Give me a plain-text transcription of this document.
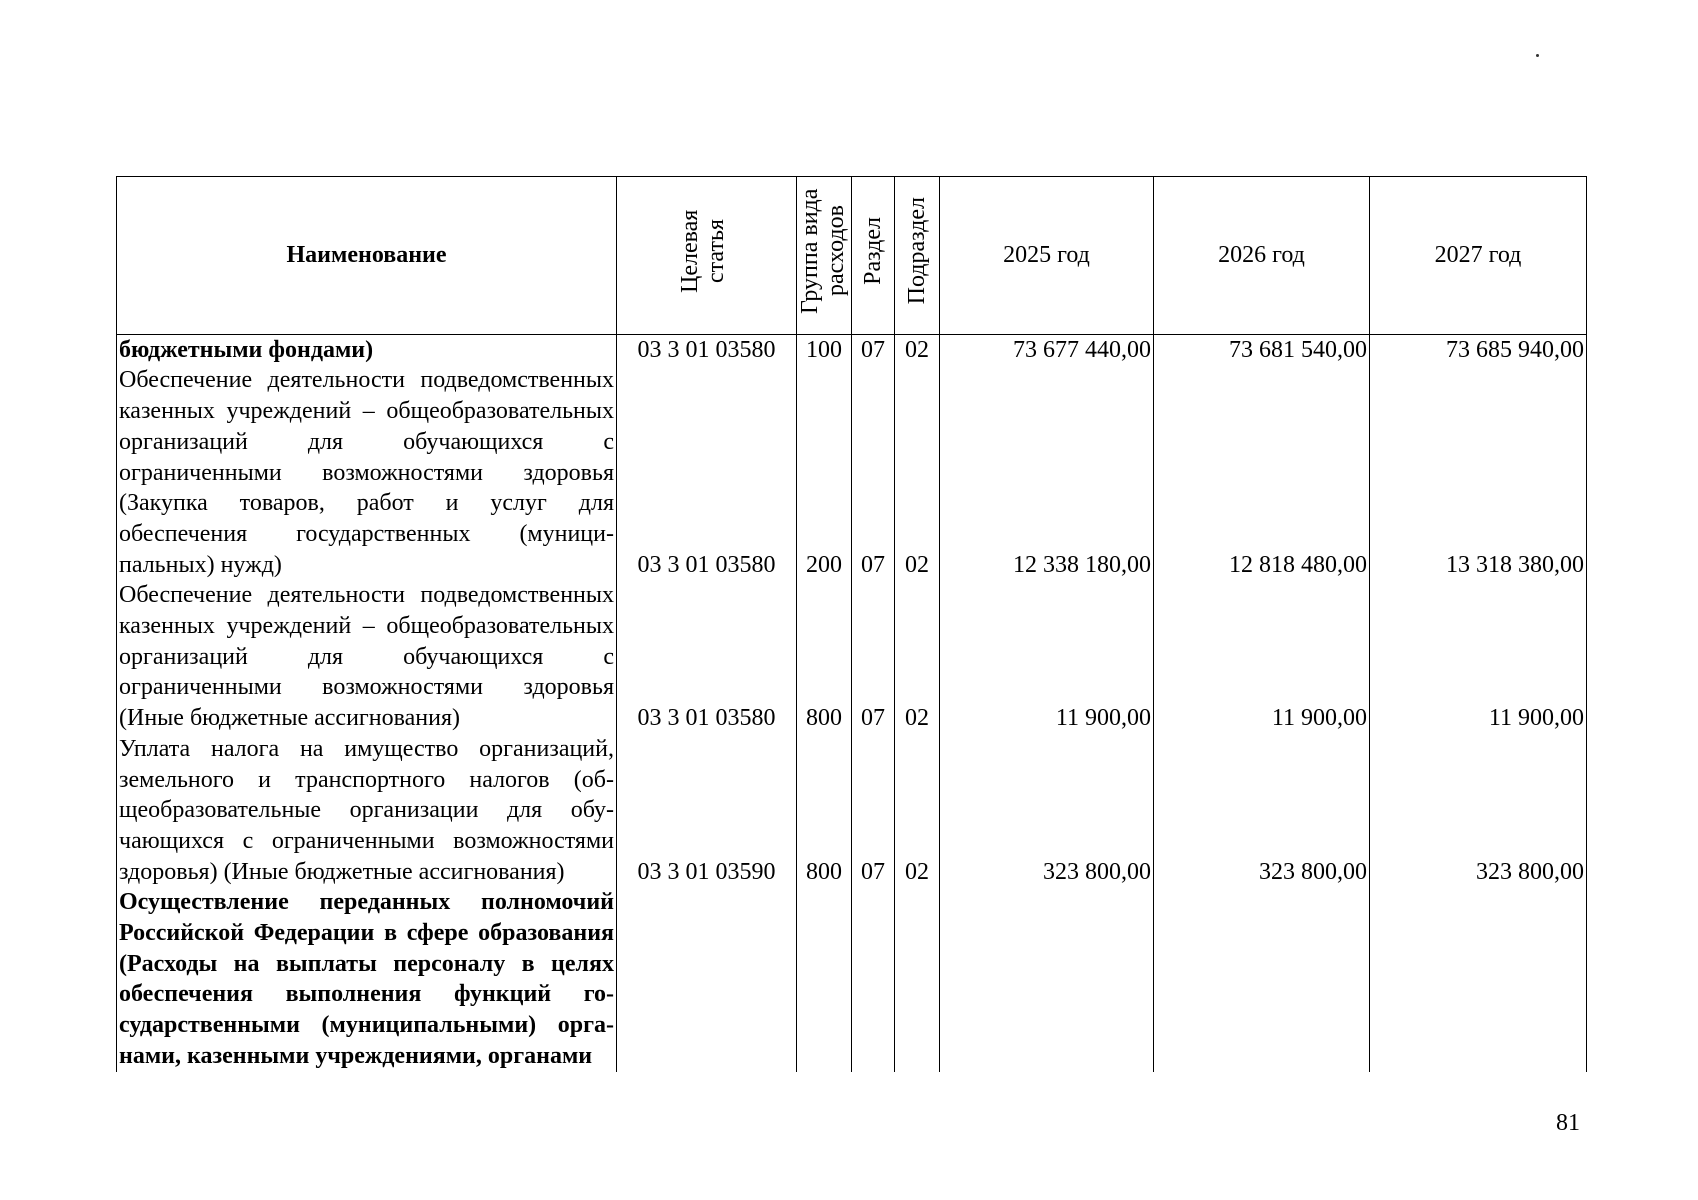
Наименование	Целевая статья	Группа вида расходов	Раздел	Подраздел	2025 год	2026 год	2027 год
бюджетными фондами)	03 3 01 03580	100	07	02	73 677 440,00	73 681 540,00	73 685 940,00
Обеспечение деятельности подведомственных казенных учреждений – общеобразовательных организаций для обучающихся с ограниченными возможностями здоровья (Закупка товаров, работ и услуг для обеспечения государственных (муниципальных) нужд)	03 3 01 03580	200	07	02	12 338 180,00	12 818 480,00	13 318 380,00
Обеспечение деятельности подведомственных казенных учреждений – общеобразовательных организаций для обучающихся с ограниченными возможностями здоровья (Иные бюджетные ассигнования)	03 3 01 03580	800	07	02	11 900,00	11 900,00	11 900,00
Уплата налога на имущество организаций, земельного и транспортного налогов (общеобразовательные организации для обучающихся с ограниченными возможностями здоровья) (Иные бюджетные ассигнования)	03 3 01 03590	800	07	02	323 800,00	323 800,00	323 800,00
Осуществление переданных полномочий Российской Федерации в сфере образования (Расходы на выплаты персоналу в целях обеспечения выполнения функций государственными (муниципальными) органами, казенными учреждениями, органами							
81
